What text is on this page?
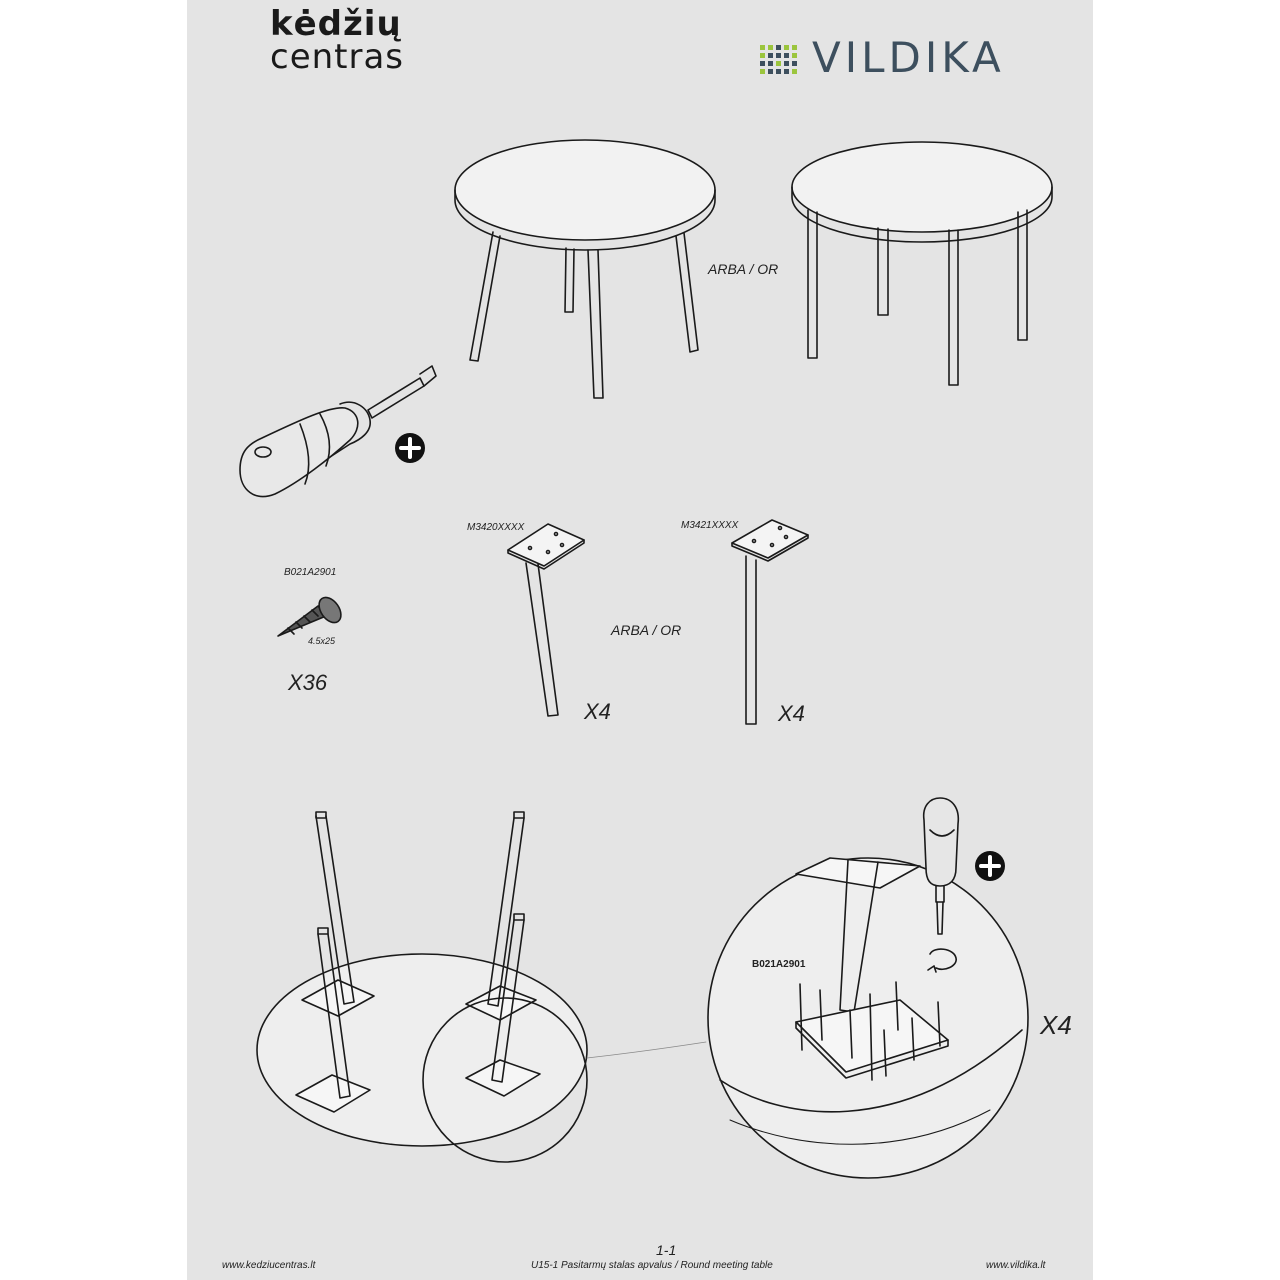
kėdžių
centras	VILDIKA
ARBA / OR
B021A2901
4.5x25
X36
M3420XXXX
X4
ARBA / OR
M3421XXXX
X4
B021A2901
X4
1-1
www.kedziucentras.lt	U15-1 Pasitarmų stalas apvalus / Round meeting table	www.vildika.lt
